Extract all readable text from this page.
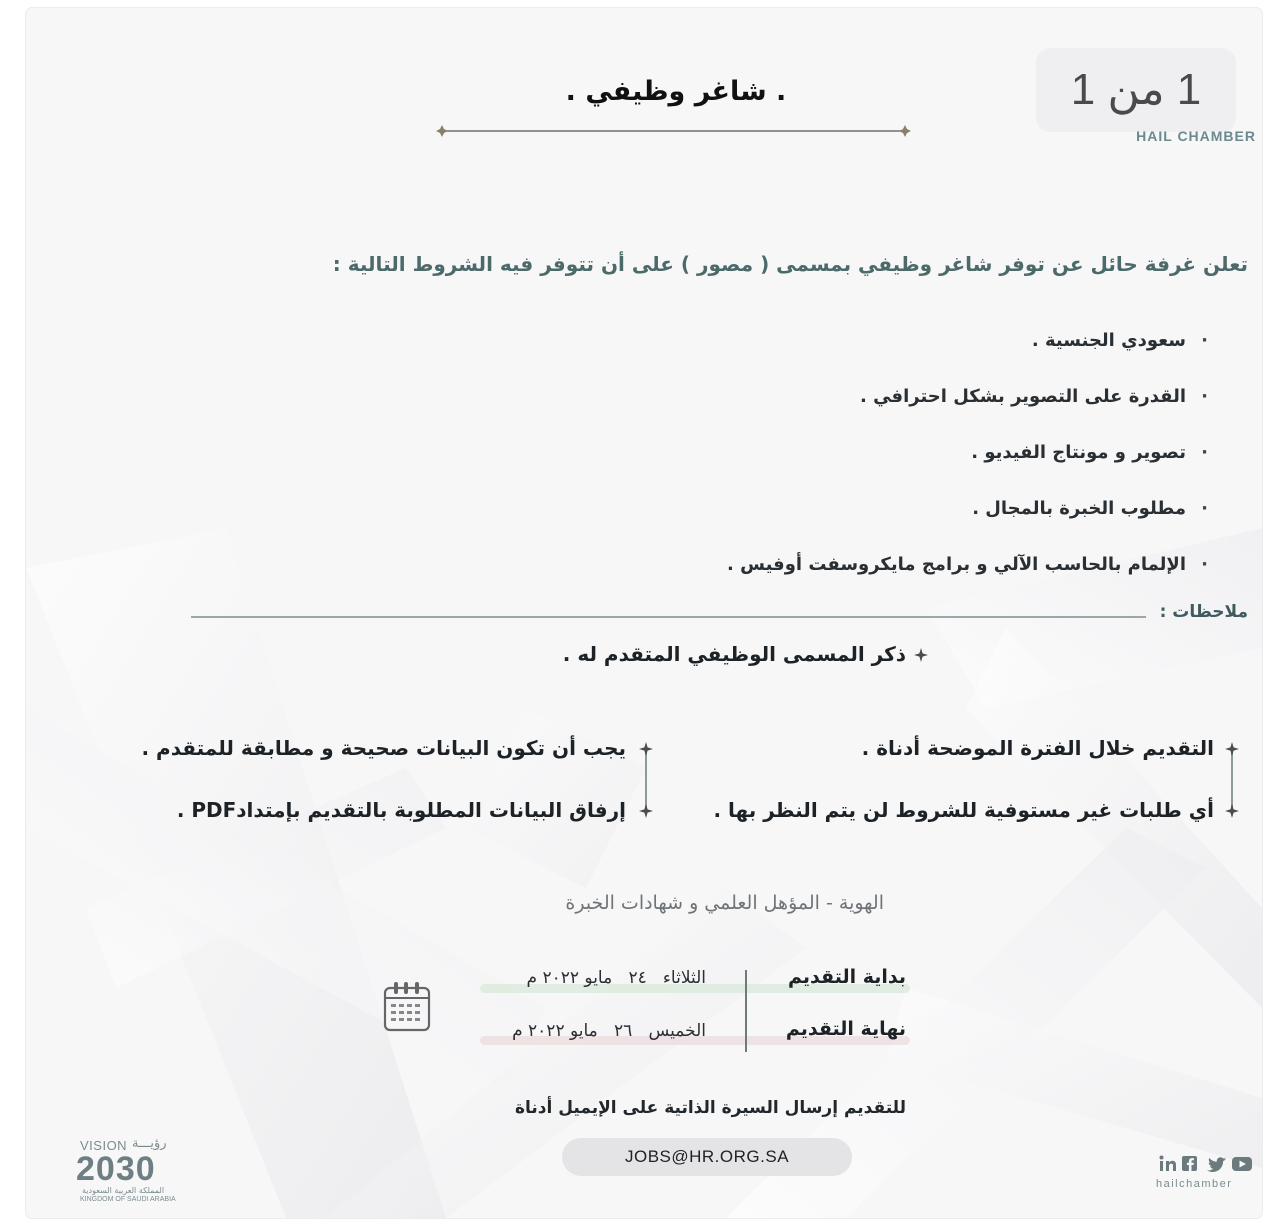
1 من 1
HAIL CHAMBER
. شاغر وظيفي .
تعلن غرفة حائل عن توفر شاغر وظيفي بمسمى ( مصور ) على أن تتوفر فيه الشروط التالية :
·
سعودي الجنسية .
·
القدرة على التصوير بشكل احترافي .
·
تصوير و مونتاج الفيديو .
·
مطلوب الخبرة بالمجال .
·
الإلمام بالحاسب الآلي و برامج مايكروسفت أوفيس .
ملاحظات :
ذكر المسمى الوظيفي المتقدم له .
التقديم خلال الفترة الموضحة أدناة .
أي طلبات غير مستوفية للشروط لن يتم النظر بها .
يجب أن تكون البيانات صحيحة و مطابقة للمتقدم .
إرفاق البيانات المطلوبة بالتقديم بإمتدادPDF .
الهوية - المؤهل العلمي و شهادات الخبرة
بداية التقديم
الثلاثاء   ٢٤   مايو ٢٠٢٢ م
نهاية التقديم
الخميس   ٢٦   مايو ٢٠٢٢ م
للتقديم إرسال السيرة الذاتية على الإيميل أدناة
JOBS@HR.ORG.SA
VISION رؤيـــة
2030
المملكة العربية السعودية
KINGDOM OF SAUDI ARABIA
hailchamber
